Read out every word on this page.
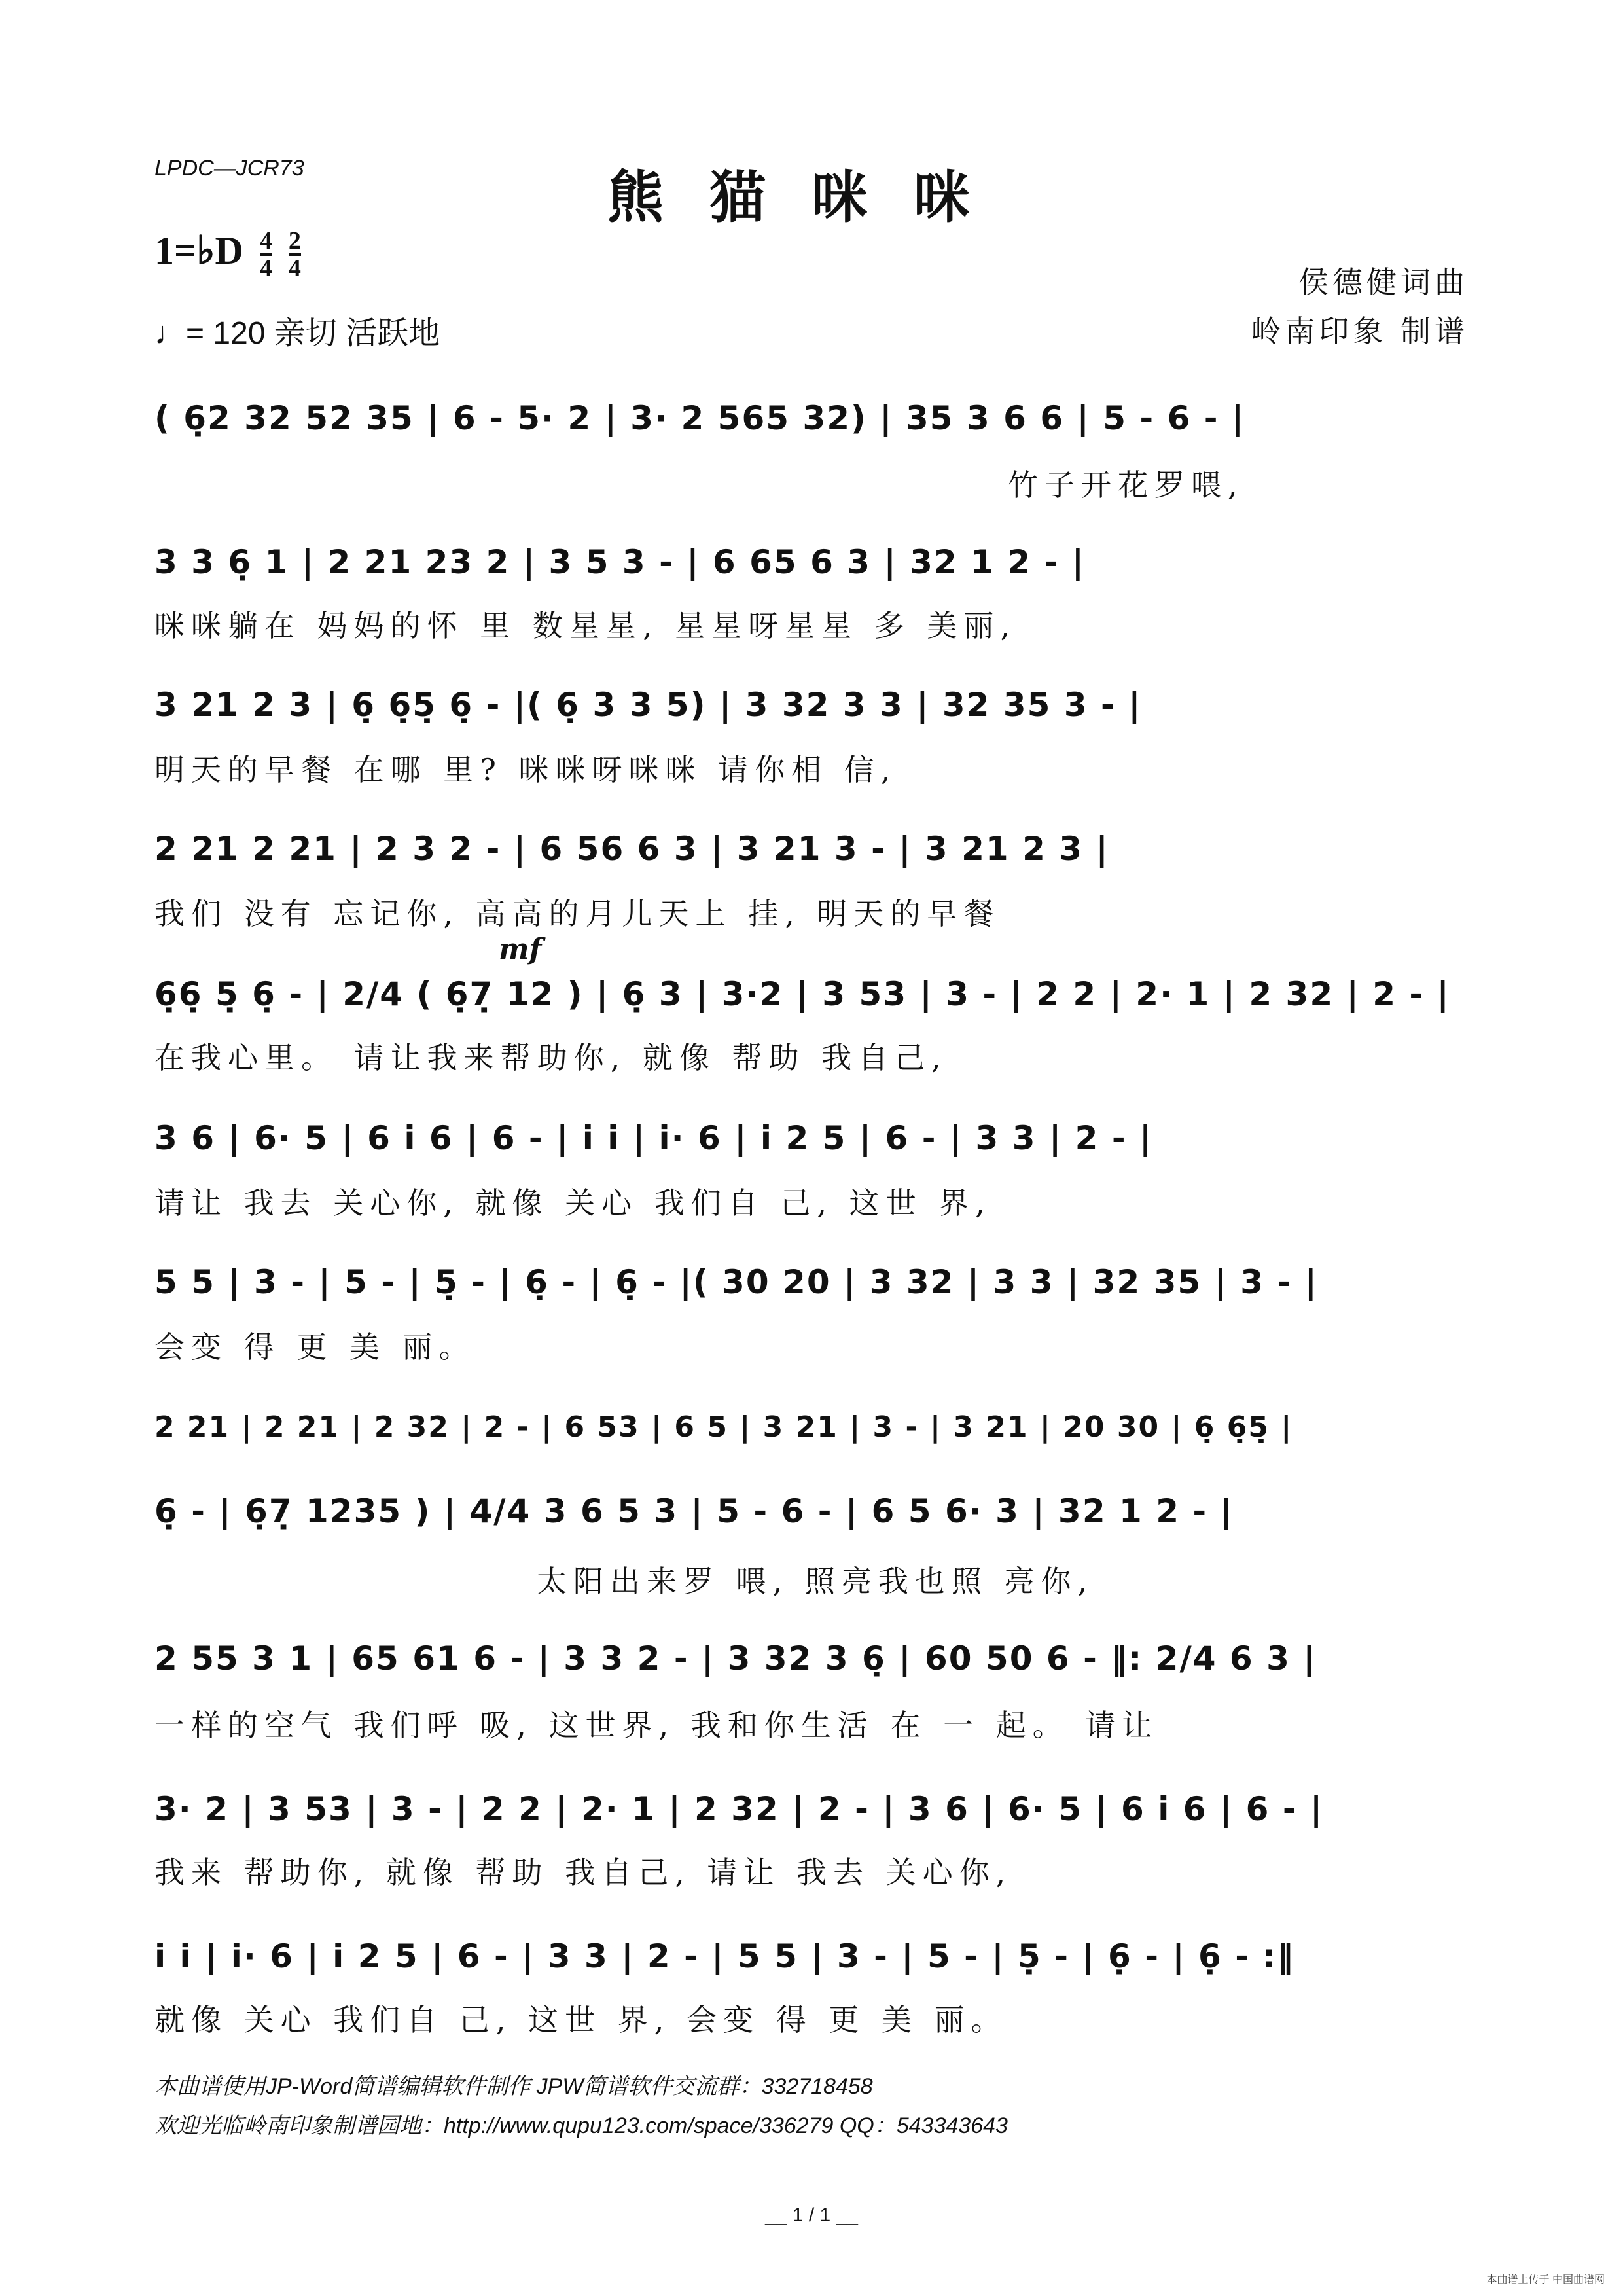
LPDC—JCR73	熊猫咪咪
1=♭D $\frac{4}{4} \frac{2}{4}$
♩= 120 亲切 活跃地
侯德健词曲
岭南印象 制谱
mf
( 6̣2 32 52 35 | 6 - 5· 2 | 3· 2 565 32) | 35 3 6 6 | 5 - 6 - |
竹子开花罗喂,
3 3 6̣ 1 | 2 21 23 2 | 3 5 3 - | 6 65 6 3 | 32 1 2 - |
咪咪躺在 妈妈的怀 里 数星星, 星星呀星星 多 美丽,
3 21 2 3 | 6̣ 6̣5̣ 6̣ - |( 6̣ 3 3 5) | 3 32 3 3 | 32 35 3 - |
明天的早餐 在哪 里? 咪咪呀咪咪 请你相 信,
2 21 2 21 | 2 3 2 - | 6 56 6 3 | 3 21 3 - | 3 21 2 3 |
我们 没有 忘记你, 高高的月儿天上 挂, 明天的早餐
6̣6̣ 5̣ 6̣ - | 2/4 ( 6̣7̣ 12 ) | 6̣ 3 | 3·2 | 3 53 | 3 - | 2 2 | 2· 1 | 2 32 | 2 - |
在我心里。 请让我来帮助你, 就像 帮助 我自己,
3 6 | 6· 5 | 6 i 6 | 6 - | i i | i· 6 | i 2 5 | 6 - | 3 3 | 2 - |
请让 我去 关心你, 就像 关心 我们自 己, 这世 界,
5 5 | 3 - | 5 - | 5̣ - | 6̣ - | 6̣ - |( 30 20 | 3 32 | 3 3 | 32 35 | 3 - |
会变 得 更 美 丽。
2 21 | 2 21 | 2 32 | 2 - | 6 53 | 6 5 | 3 21 | 3 - | 3 21 | 20 30 | 6̣ 6̣5̣ |
6̣ - | 6̣7̣ 1235 ) | 4/4 3 6 5 3 | 5 - 6 - | 6 5 6· 3 | 32 1 2 - |
太阳出来罗 喂, 照亮我也照 亮你,
2 55 3 1 | 65 61 6 - | 3 3 2 - | 3 32 3 6̣ | 60 50 6 - ‖: 2/4 6 3 |
一样的空气 我们呼 吸, 这世界, 我和你生活 在 一 起。 请让
3· 2 | 3 53 | 3 - | 2 2 | 2· 1 | 2 32 | 2 - | 3 6 | 6· 5 | 6 i 6 | 6 - |
我来 帮助你, 就像 帮助 我自己, 请让 我去 关心你,
i i | i· 6 | i 2 5 | 6 - | 3 3 | 2 - | 5 5 | 3 - | 5 - | 5̣ - | 6̣ - | 6̣ - :‖
就像 关心 我们自 己, 这世 界, 会变 得 更 美 丽。
本曲谱使用JP-Word简谱编辑软件制作 JPW简谱软件交流群：332718458
欢迎光临岭南印象制谱园地：http://www.qupu123.com/space/336279 QQ：543343643
__ 1 / 1 __
本曲谱上传于 中国曲谱网
